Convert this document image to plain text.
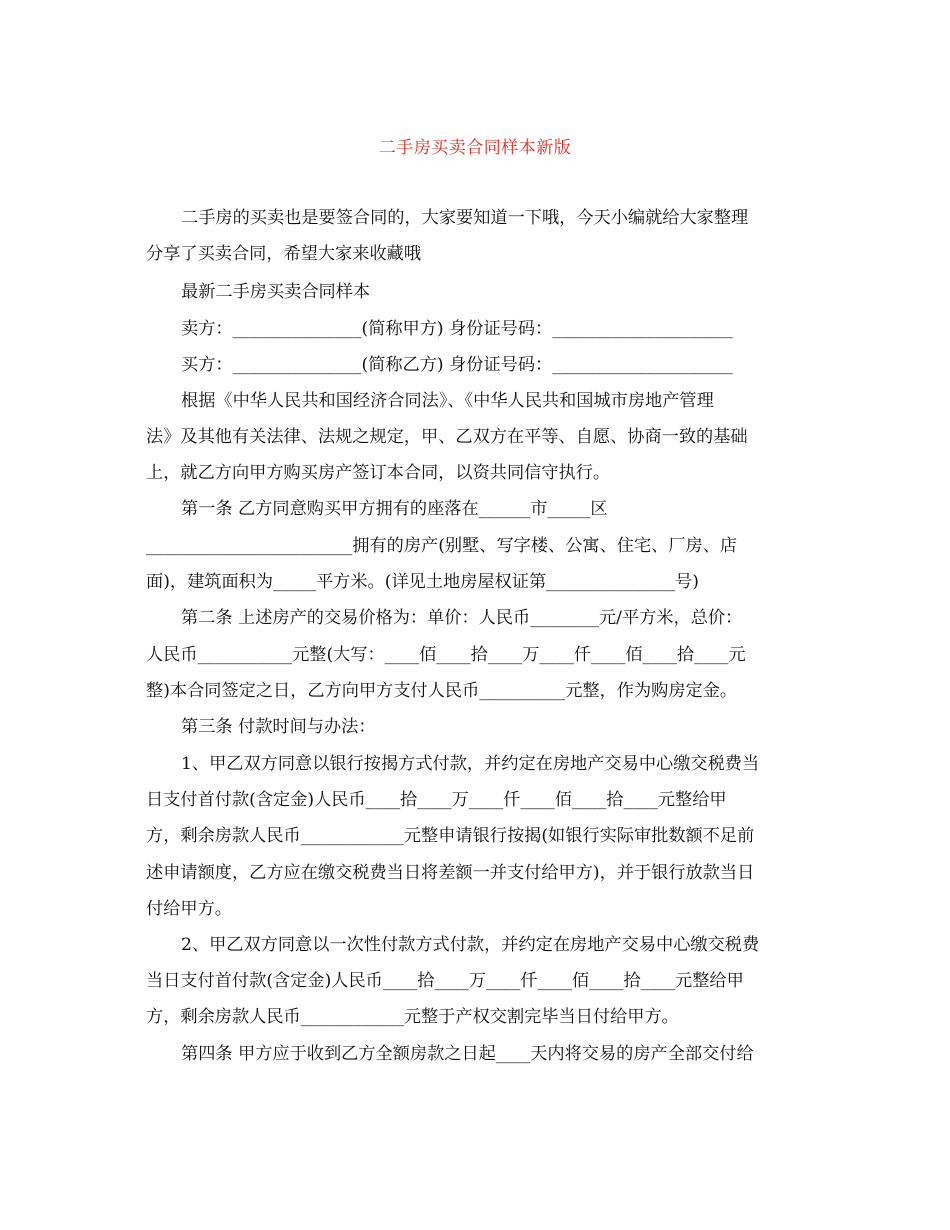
二手房买卖合同样本新版
二手房的买卖也是要签合同的，大家要知道一下哦，今天小编就给大家整理
分享了买卖合同，希望大家来收藏哦
最新二手房买卖合同样本
卖方：_______________(简称甲方) 身份证号码：_____________________
买方：_______________(简称乙方) 身份证号码：_____________________
根据《中华人民共和国经济合同法》、《中华人民共和国城市房地产管理
法》及其他有关法律、法规之规定，甲、乙双方在平等、自愿、协商一致的基础
上，就乙方向甲方购买房产签订本合同，以资共同信守执行。
第一条 乙方同意购买甲方拥有的座落在______市_____区
________________________拥有的房产(别墅、写字楼、公寓、住宅、厂房、店
面)，建筑面积为_____平方米。(详见土地房屋权证第_______________号)
第二条 上述房产的交易价格为：单价：人民币________元/平方米，总价：
人民币___________元整(大写：____佰____拾____万____仟____佰____拾____元
整)本合同签定之日，乙方向甲方支付人民币__________元整，作为购房定金。
第三条 付款时间与办法：
1、甲乙双方同意以银行按揭方式付款，并约定在房地产交易中心缴交税费当
日支付首付款(含定金)人民币____拾____万____仟____佰____拾____元整给甲
方，剩余房款人民币____________元整申请银行按揭(如银行实际审批数额不足前
述申请额度，乙方应在缴交税费当日将差额一并支付给甲方)，并于银行放款当日
付给甲方。
2、甲乙双方同意以一次性付款方式付款，并约定在房地产交易中心缴交税费
当日支付首付款(含定金)人民币____拾____万____仟____佰____拾____元整给甲
方，剩余房款人民币____________元整于产权交割完毕当日付给甲方。
第四条 甲方应于收到乙方全额房款之日起____天内将交易的房产全部交付给
